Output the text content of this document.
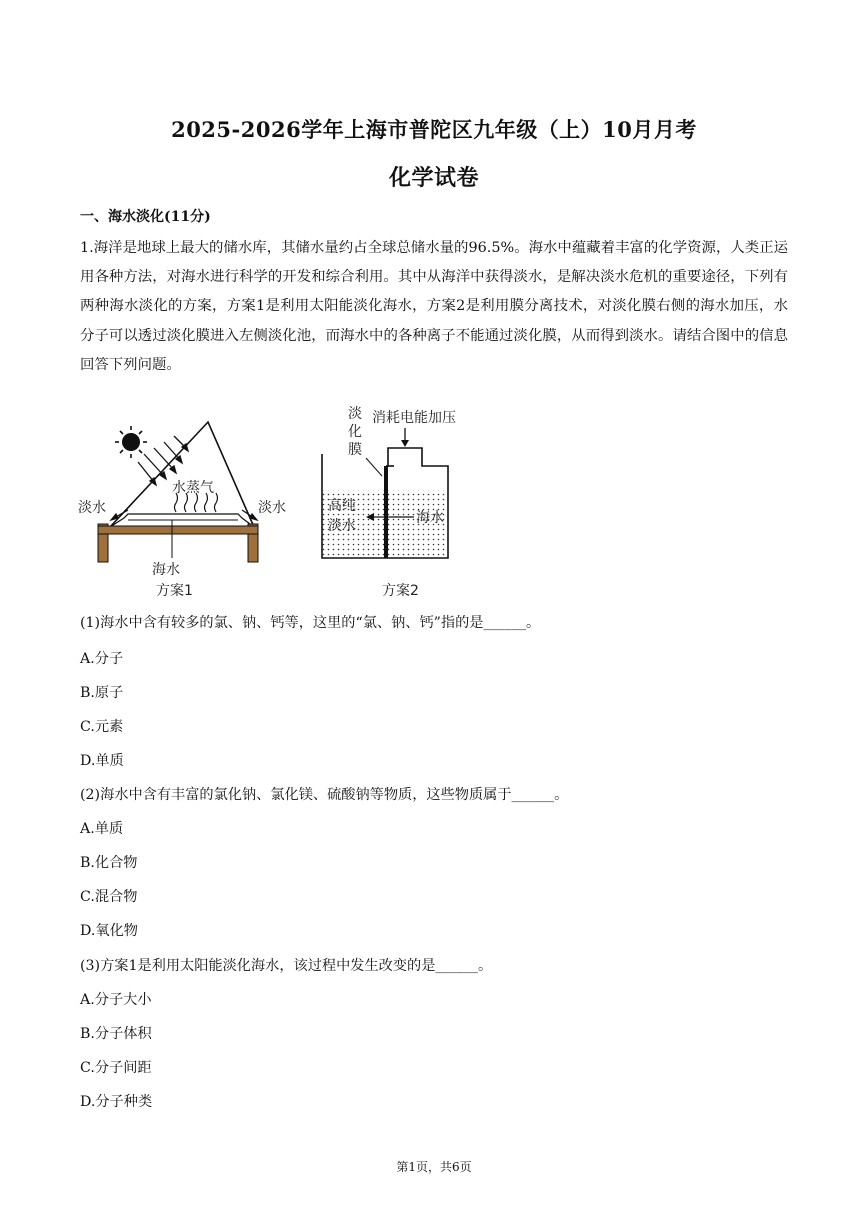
2025-2026学年上海市普陀区九年级（上）10月月考
化学试卷
一、海水淡化(11分)
1.海洋是地球上最大的储水库，其储水量约占全球总储水量的96.5%。海水中蕴藏着丰富的化学资源，人类正运用各种方法，对海水进行科学的开发和综合利用。其中从海洋中获得淡水，是解决淡水危机的重要途径，下列有两种海水淡化的方案，方案1是利用太阳能淡化海水，方案2是利用膜分离技术，对淡化膜右侧的海水加压，水分子可以透过淡化膜进入左侧淡化池，而海水中的各种离子不能通过淡化膜，从而得到淡水。请结合图中的信息回答下列问题。
淡水	淡水
水蒸气
海水
方案1
淡
化
膜
消耗电能加压
高纯
淡水	海水
方案2
(1)海水中含有较多的氯、钠、钙等，这里的“氯、钠、钙”指的是______。
A.分子
B.原子
C.元素
D.单质
(2)海水中含有丰富的氯化钠、氯化镁、硫酸钠等物质，这些物质属于______。
A.单质
B.化合物
C.混合物
D.氧化物
(3)方案1是利用太阳能淡化海水，该过程中发生改变的是______。
A.分子大小
B.分子体积
C.分子间距
D.分子种类
第1页，共6页
